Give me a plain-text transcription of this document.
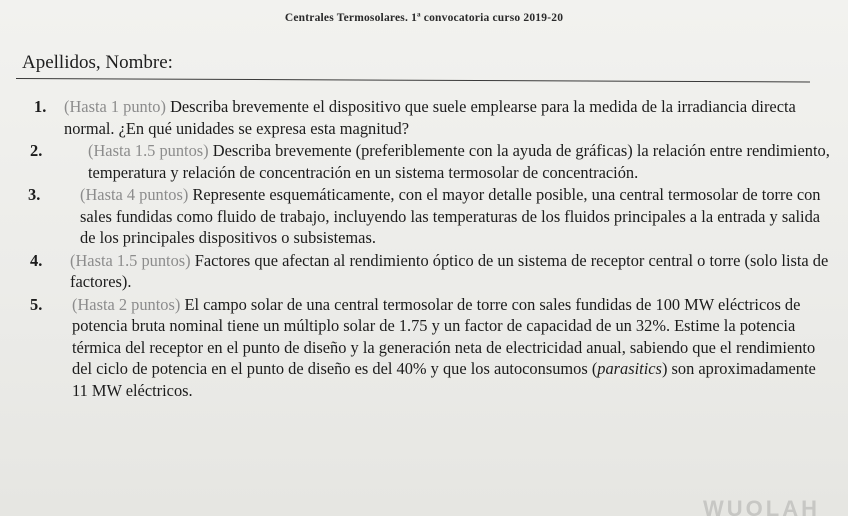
Centrales Termosolares. 1ª convocatoria curso 2019-20
Apellidos, Nombre:
1. (Hasta 1 punto) Describa brevemente el dispositivo que suele emplearse para la medida de la irradiancia directa normal. ¿En qué unidades se expresa esta magnitud?
2.	(Hasta 1.5 puntos) Describa brevemente (preferiblemente con la ayuda de gráficas) la relación entre rendimiento, temperatura y relación de concentración en un sistema termosolar de concentración.
3. (Hasta 4 puntos) Represente esquemáticamente, con el mayor detalle posible, una central termosolar de torre con sales fundidas como fluido de trabajo, incluyendo las temperaturas de los fluidos principales a la entrada y salida de los principales dispositivos o subsistemas.
4. (Hasta 1.5 puntos) Factores que afectan al rendimiento óptico de un sistema de receptor central o torre (solo lista de factores).
5. (Hasta 2 puntos) El campo solar de una central termosolar de torre con sales fundidas de 100 MW eléctricos de potencia bruta nominal tiene un múltiplo solar de 1.75 y un factor de capacidad de un 32%. Estime la potencia térmica del receptor en el punto de diseño y la generación neta de electricidad anual, sabiendo que el rendimiento del ciclo de potencia en el punto de diseño es del 40% y que los autoconsumos (parasitics) son aproximadamente 11 MW eléctricos.
WUOLAH
